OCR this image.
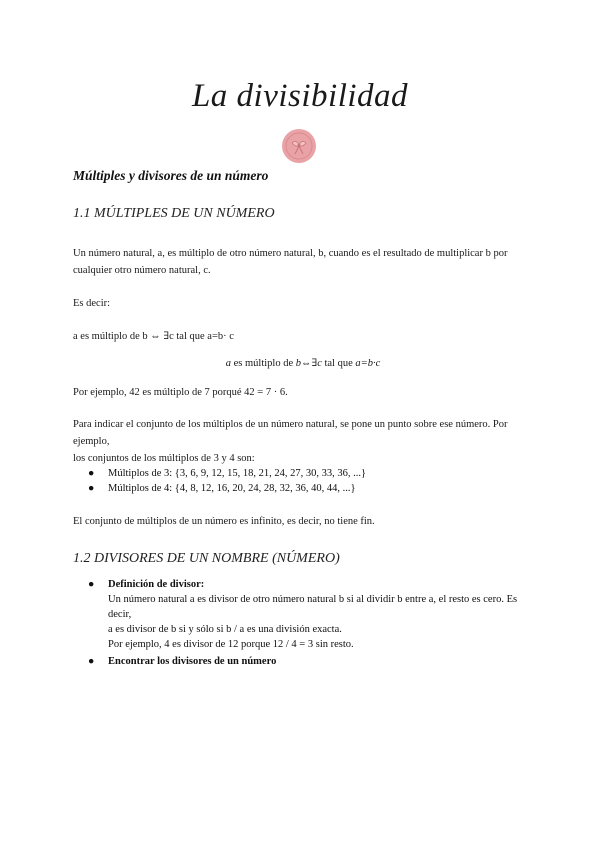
La divisibilidad
Múltiples y divisores de un número
1.1 MÚLTIPLES DE UN NÚMERO
Un número natural, a, es múltiplo de otro número natural, b, cuando es el resultado de multiplicar b por
cualquier otro número natural, c.
Es decir:
a es múltiplo de b ⇔ ∃c tal que a=b· c
a es múltiplo de b⇔∃c tal que a=b·c
Por ejemplo, 42 es múltiplo de 7 porqué 42 = 7 · 6.
Para indicar el conjunto de los múltiplos de un número natural, se pone un punto sobre ese número. Por ejemplo,
los conjuntos de los múltiplos de 3 y 4 son:
● Múltiplos de 3: {3, 6, 9, 12, 15, 18, 21, 24, 27, 30, 33, 36, ...}
● Múltiplos de 4: {4, 8, 12, 16, 20, 24, 28, 32, 36, 40, 44, ...}
El conjunto de múltiplos de un número es infinito, es decir, no tiene fin.
1.2 DIVISORES DE UN NOMBRE (NÚMERO)
● Definición de divisor:
Un número natural a es divisor de otro número natural b si al dividir b entre a, el resto es cero. Es decir,
a es divisor de b si y sólo si b / a es una división exacta.
Por ejemplo, 4 es divisor de 12 porque 12 / 4 = 3 sin resto.
● Encontrar los divisores de un número
